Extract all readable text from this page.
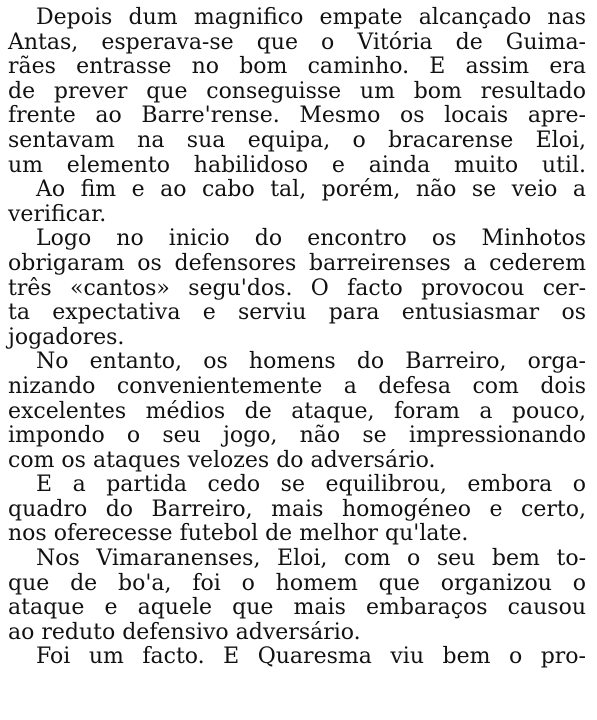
Depois dum magnifico empate alcançado nas
Antas, esperava-se que o Vitória de Guima-
rães entrasse no bom caminho. E assim era
de prever que conseguisse um bom resultado
frente ao Barre'rense. Mesmo os locais apre-
sentavam na sua equipa, o bracarense Eloi,
um elemento habilidoso e ainda muito util.
Ao fim e ao cabo tal, porém, não se veio a
verificar.
Logo no inicio do encontro os Minhotos
obrigaram os defensores barreirenses a cederem
três «cantos» segu'dos. O facto provocou cer-
ta expectativa e serviu para entusiasmar os
jogadores.
No entanto, os homens do Barreiro, orga-
nizando convenientemente a defesa com dois
excelentes médios de ataque, foram a pouco,
impondo o seu jogo, não se impressionando
com os ataques velozes do adversário.
E a partida cedo se equilibrou, embora o
quadro do Barreiro, mais homogéneo e certo,
nos oferecesse futebol de melhor qu'late.
Nos Vimaranenses, Eloi, com o seu bem to-
que de bo'a, foi o homem que organizou o
ataque e aquele que mais embaraços causou
ao reduto defensivo adversário.
Foi um facto. E Quaresma viu bem o pro-
